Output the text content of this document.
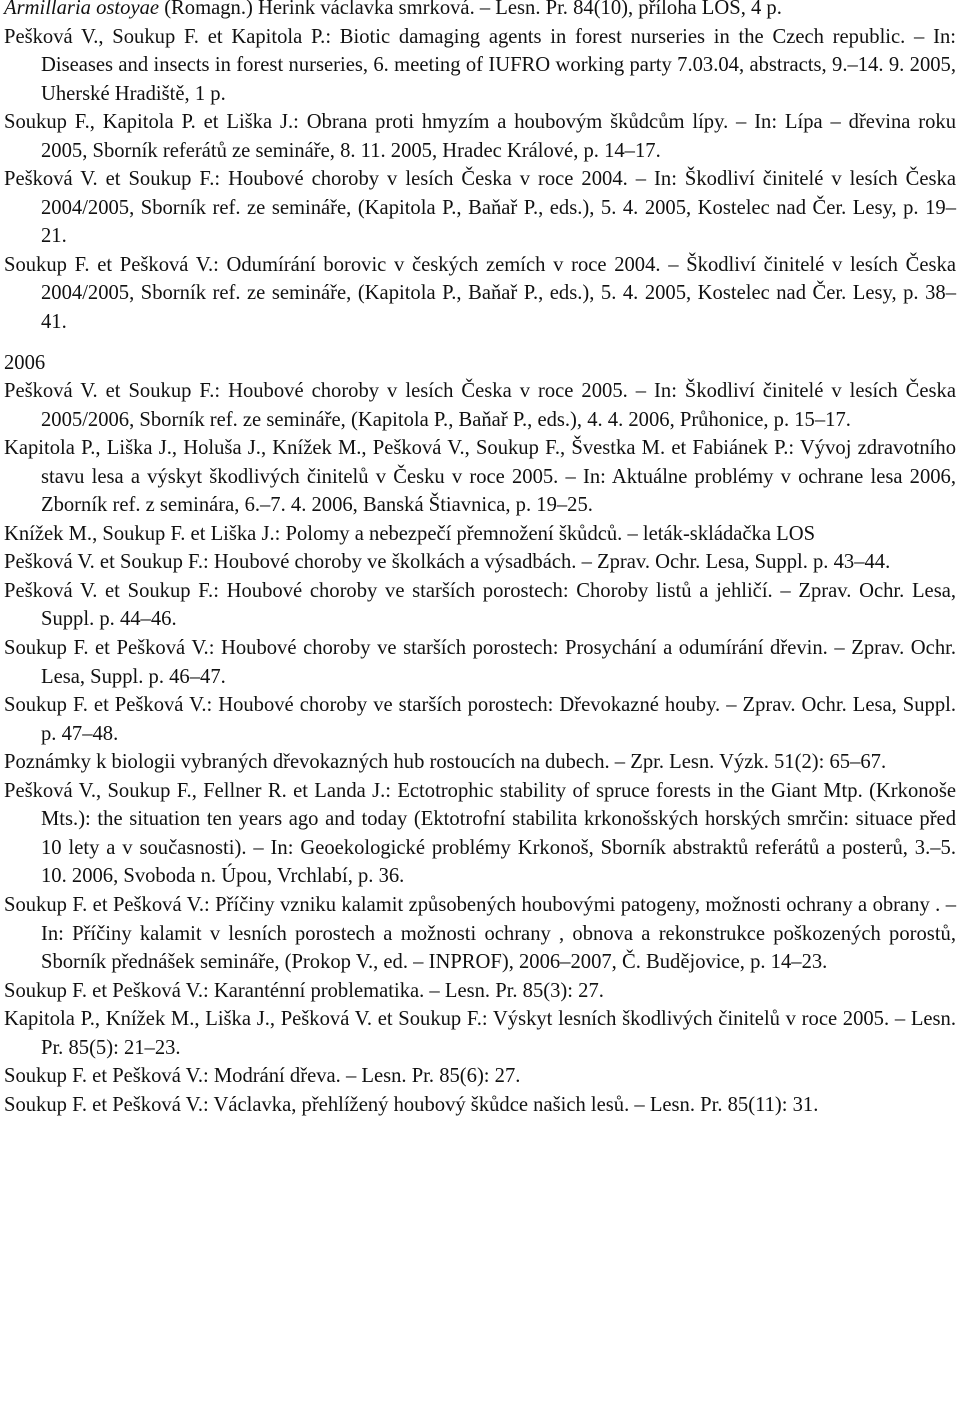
Armillaria ostoyae (Romagn.) Herink václavka smrková. – Lesn. Pr. 84(10), příloha LOS, 4 p.

Pešková V., Soukup F. et Kapitola P.: Biotic damaging agents in forest nurseries in the Czech republic. – In: Diseases and insects in forest nurseries, 6. meeting of IUFRO working party 7.03.04, abstracts, 9.–14. 9. 2005, Uherské Hradiště, 1 p.

Soukup F., Kapitola P. et Liška J.: Obrana proti hmyzím a houbovým škůdcům lípy. – In: Lípa – dřevina roku 2005, Sborník referátů ze semináře, 8. 11. 2005, Hradec Králové, p. 14–17.

Pešková V. et Soukup F.: Houbové choroby v lesích Česka v roce 2004. – In: Škodliví činitelé v lesích Česka 2004/2005, Sborník ref. ze semináře, (Kapitola P., Baňař P., eds.), 5. 4. 2005, Kostelec nad Čer. Lesy, p. 19–21.

Soukup F. et Pešková V.: Odumírání borovic v českých zemích v roce 2004. – Škodliví činitelé v lesích Česka 2004/2005, Sborník ref. ze semináře, (Kapitola P., Baňař P., eds.), 5. 4. 2005, Kostelec nad Čer. Lesy, p. 38–41.

2006

Pešková V. et Soukup F.: Houbové choroby v lesích Česka v roce 2005. – In: Škodliví činitelé v lesích Česka 2005/2006, Sborník ref. ze semináře, (Kapitola P., Baňař P., eds.), 4. 4. 2006, Průhonice, p. 15–17.

Kapitola P., Liška J., Holuša J., Knížek M., Pešková V., Soukup F., Švestka M. et Fabiánek P.: Vývoj zdravotního stavu lesa a výskyt škodlivých činitelů v Česku v roce 2005. – In: Aktuálne problémy v ochrane lesa 2006, Zborník ref. z seminára, 6.–7. 4. 2006, Banská Štiavnica, p. 19–25.

Knížek M., Soukup F. et Liška J.: Polomy a nebezpečí přemnožení škůdců. – leták-skládačka LOS

Pešková V. et Soukup F.: Houbové choroby ve školkách a výsadbách. – Zprav. Ochr. Lesa, Suppl. p. 43–44.

Pešková V. et Soukup F.: Houbové choroby ve starších porostech: Choroby listů a jehličí. – Zprav. Ochr. Lesa, Suppl. p. 44–46.

Soukup F. et Pešková V.: Houbové choroby ve starších porostech: Prosychání a odumírání dřevin. – Zprav. Ochr. Lesa, Suppl. p. 46–47.

Soukup F. et Pešková V.: Houbové choroby ve starších porostech: Dřevokazné houby. – Zprav. Ochr. Lesa, Suppl. p. 47–48.

Poznámky k biologii vybraných dřevokazných hub rostoucích na dubech. – Zpr. Lesn. Výzk. 51(2): 65–67.

Pešková V., Soukup F., Fellner R. et Landa J.: Ectotrophic stability of spruce forests in the Giant Mtp. (Krkonoše Mts.): the situation ten years ago and today (Ektotrofní stabilita krkonošských horských smrčin: situace před 10 lety a v současnosti). – In: Geoekologické problémy Krkonoš, Sborník abstraktů referátů a posterů, 3.–5. 10. 2006, Svoboda n. Úpou, Vrchlabí, p. 36.

Soukup F. et Pešková V.: Příčiny vzniku kalamit způsobených houbovými patogeny, možnosti ochrany a obrany . – In: Příčiny kalamit v lesních porostech a možnosti ochrany , obnova a rekonstrukce poškozených porostů, Sborník přednášek semináře, (Prokop V., ed. – INPROF), 2006–2007, Č. Budějovice, p. 14–23.

Soukup F. et Pešková V.: Karanténní problematika. – Lesn. Pr. 85(3): 27.

Kapitola P., Knížek M., Liška J., Pešková V. et Soukup F.: Výskyt lesních škodlivých činitelů v roce 2005. – Lesn. Pr. 85(5): 21–23.

Soukup F. et Pešková V.: Modrání dřeva. – Lesn. Pr. 85(6): 27.

Soukup F. et Pešková V.: Václavka, přehlížený houbový škůdce našich lesů. – Lesn. Pr. 85(11): 31.
